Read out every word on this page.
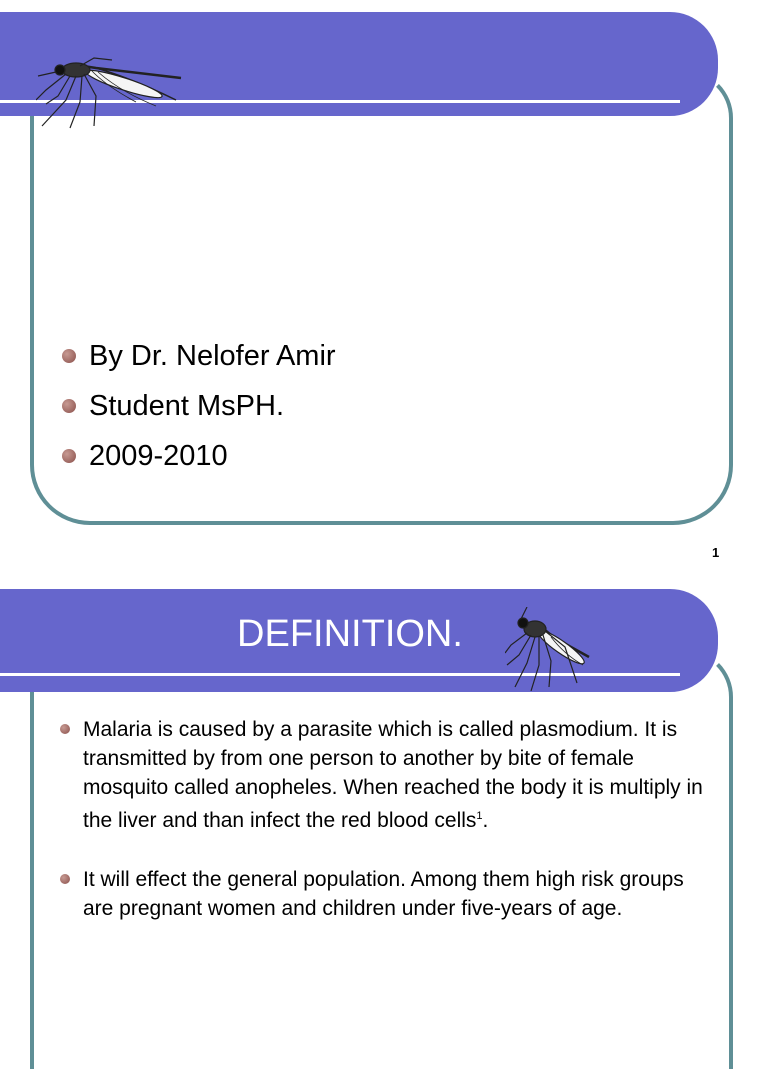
By Dr. Nelofer Amir
Student MsPH.
2009-2010
1
DEFINITION.
Malaria is caused by a parasite which is called plasmodium. It is transmitted by from one person to another by bite of female mosquito called anopheles. When reached the body it is multiply in the liver and than infect the red blood cells$^1$.
It will effect the general population. Among them high risk groups are pregnant women and children under five-years of age.
